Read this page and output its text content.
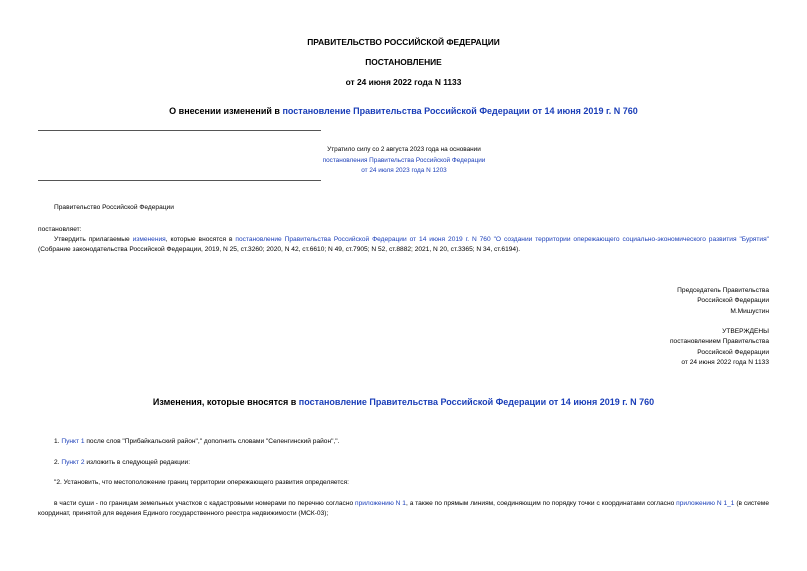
ПРАВИТЕЛЬСТВО РОССИЙСКОЙ ФЕДЕРАЦИИ
ПОСТАНОВЛЕНИЕ
от 24 июня 2022 года N 1133
О внесении изменений в постановление Правительства Российской Федерации от 14 июня 2019 г. N 760
Утратило силу со 2 августа 2023 года на основании
постановления Правительства Российской Федерации
от 24 июля 2023 года N 1203
Правительство Российской Федерации
постановляет:
Утвердить прилагаемые изменения, которые вносятся в постановление Правительства Российской Федерации от 14 июня 2019 г. N 760 "О создании территории опережающего социально-экономического развития "Бурятия" (Собрание законодательства Российской Федерации, 2019, N 25, ст.3260; 2020, N 42, ст.6610; N 49, ст.7905; N 52, ст.8882; 2021, N 20, ст.3365; N 34, ст.6194).
Председатель Правительства
Российской Федерации
М.Мишустин
УТВЕРЖДЕНЫ
постановлением Правительства
Российской Федерации
от 24 июня 2022 года N 1133
Изменения, которые вносятся в постановление Правительства Российской Федерации от 14 июня 2019 г. N 760
1. Пункт 1 после слов "Прибайкальский район"," дополнить словами "Селенгинский район",".
2. Пункт 2 изложить в следующей редакции:
"2. Установить, что местоположение границ территории опережающего развития определяется:
в части суши - по границам земельных участков с кадастровыми номерами по перечню согласно приложению N 1, а также по прямым линиям, соединяющим по порядку точки с координатами согласно приложению N 1_1 (в системе координат, принятой для ведения Единого государственного реестра недвижимости (МСК-03);
